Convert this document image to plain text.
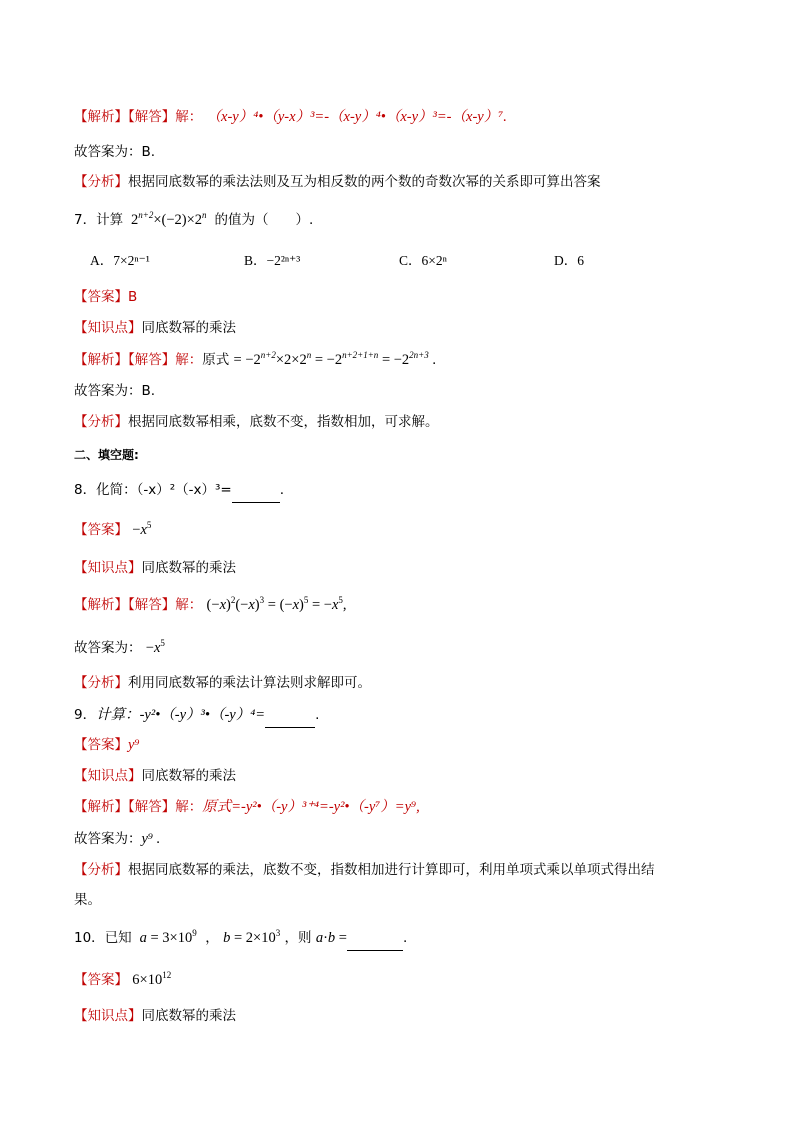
【解析】【解答】解： （x-y）⁴•（y-x）³=-（x-y）⁴•（x-y）³=-（x-y）⁷.
故答案为：B.
【分析】根据同底数幂的乘法法则及互为相反数的两个数的奇数次幂的关系即可算出答案
7．计算  $2^{n+2}\times(-2)\times 2^n$ 的值为（　　）.
A．7×2ⁿ⁻¹	B．−2²ⁿ⁺³	C．6×2ⁿ	D．6
【答案】B
【知识点】同底数幂的乘法
【解析】【解答】解：原式 = $-2^{n+2}\times 2\times 2^n = -2^{n+2+1+n} = -2^{2n+3}$ .
故答案为：B.
【分析】根据同底数幂相乘，底数不变，指数相加，可求解。
二、填空题:
8．化简：（-x）²（-x）³=	.
【答案】 $-x^5$
【知识点】同底数幂的乘法
【解析】【解答】解： $(-x)^2(-x)^3 = (-x)^5 = -x^5$,
故答案为： $-x^5$
【分析】利用同底数幂的乘法计算法则求解即可。
9．计算：-y²•（-y）³•（-y）⁴=	.
【答案】y⁹
【知识点】同底数幂的乘法
【解析】【解答】解：原式=-y²•（-y）³⁺⁴=-y²•（-y⁷）=y⁹,
故答案为：y⁹ .
【分析】根据同底数幂的乘法，底数不变，指数相加进行计算即可，利用单项式乘以单项式得出结
果。
10．已知 $a = 3\times 10^9$  ， $b = 2\times 10^3$ ，则 a·b =	.
【答案】 $6\times 10^{12}$
【知识点】同底数幂的乘法
